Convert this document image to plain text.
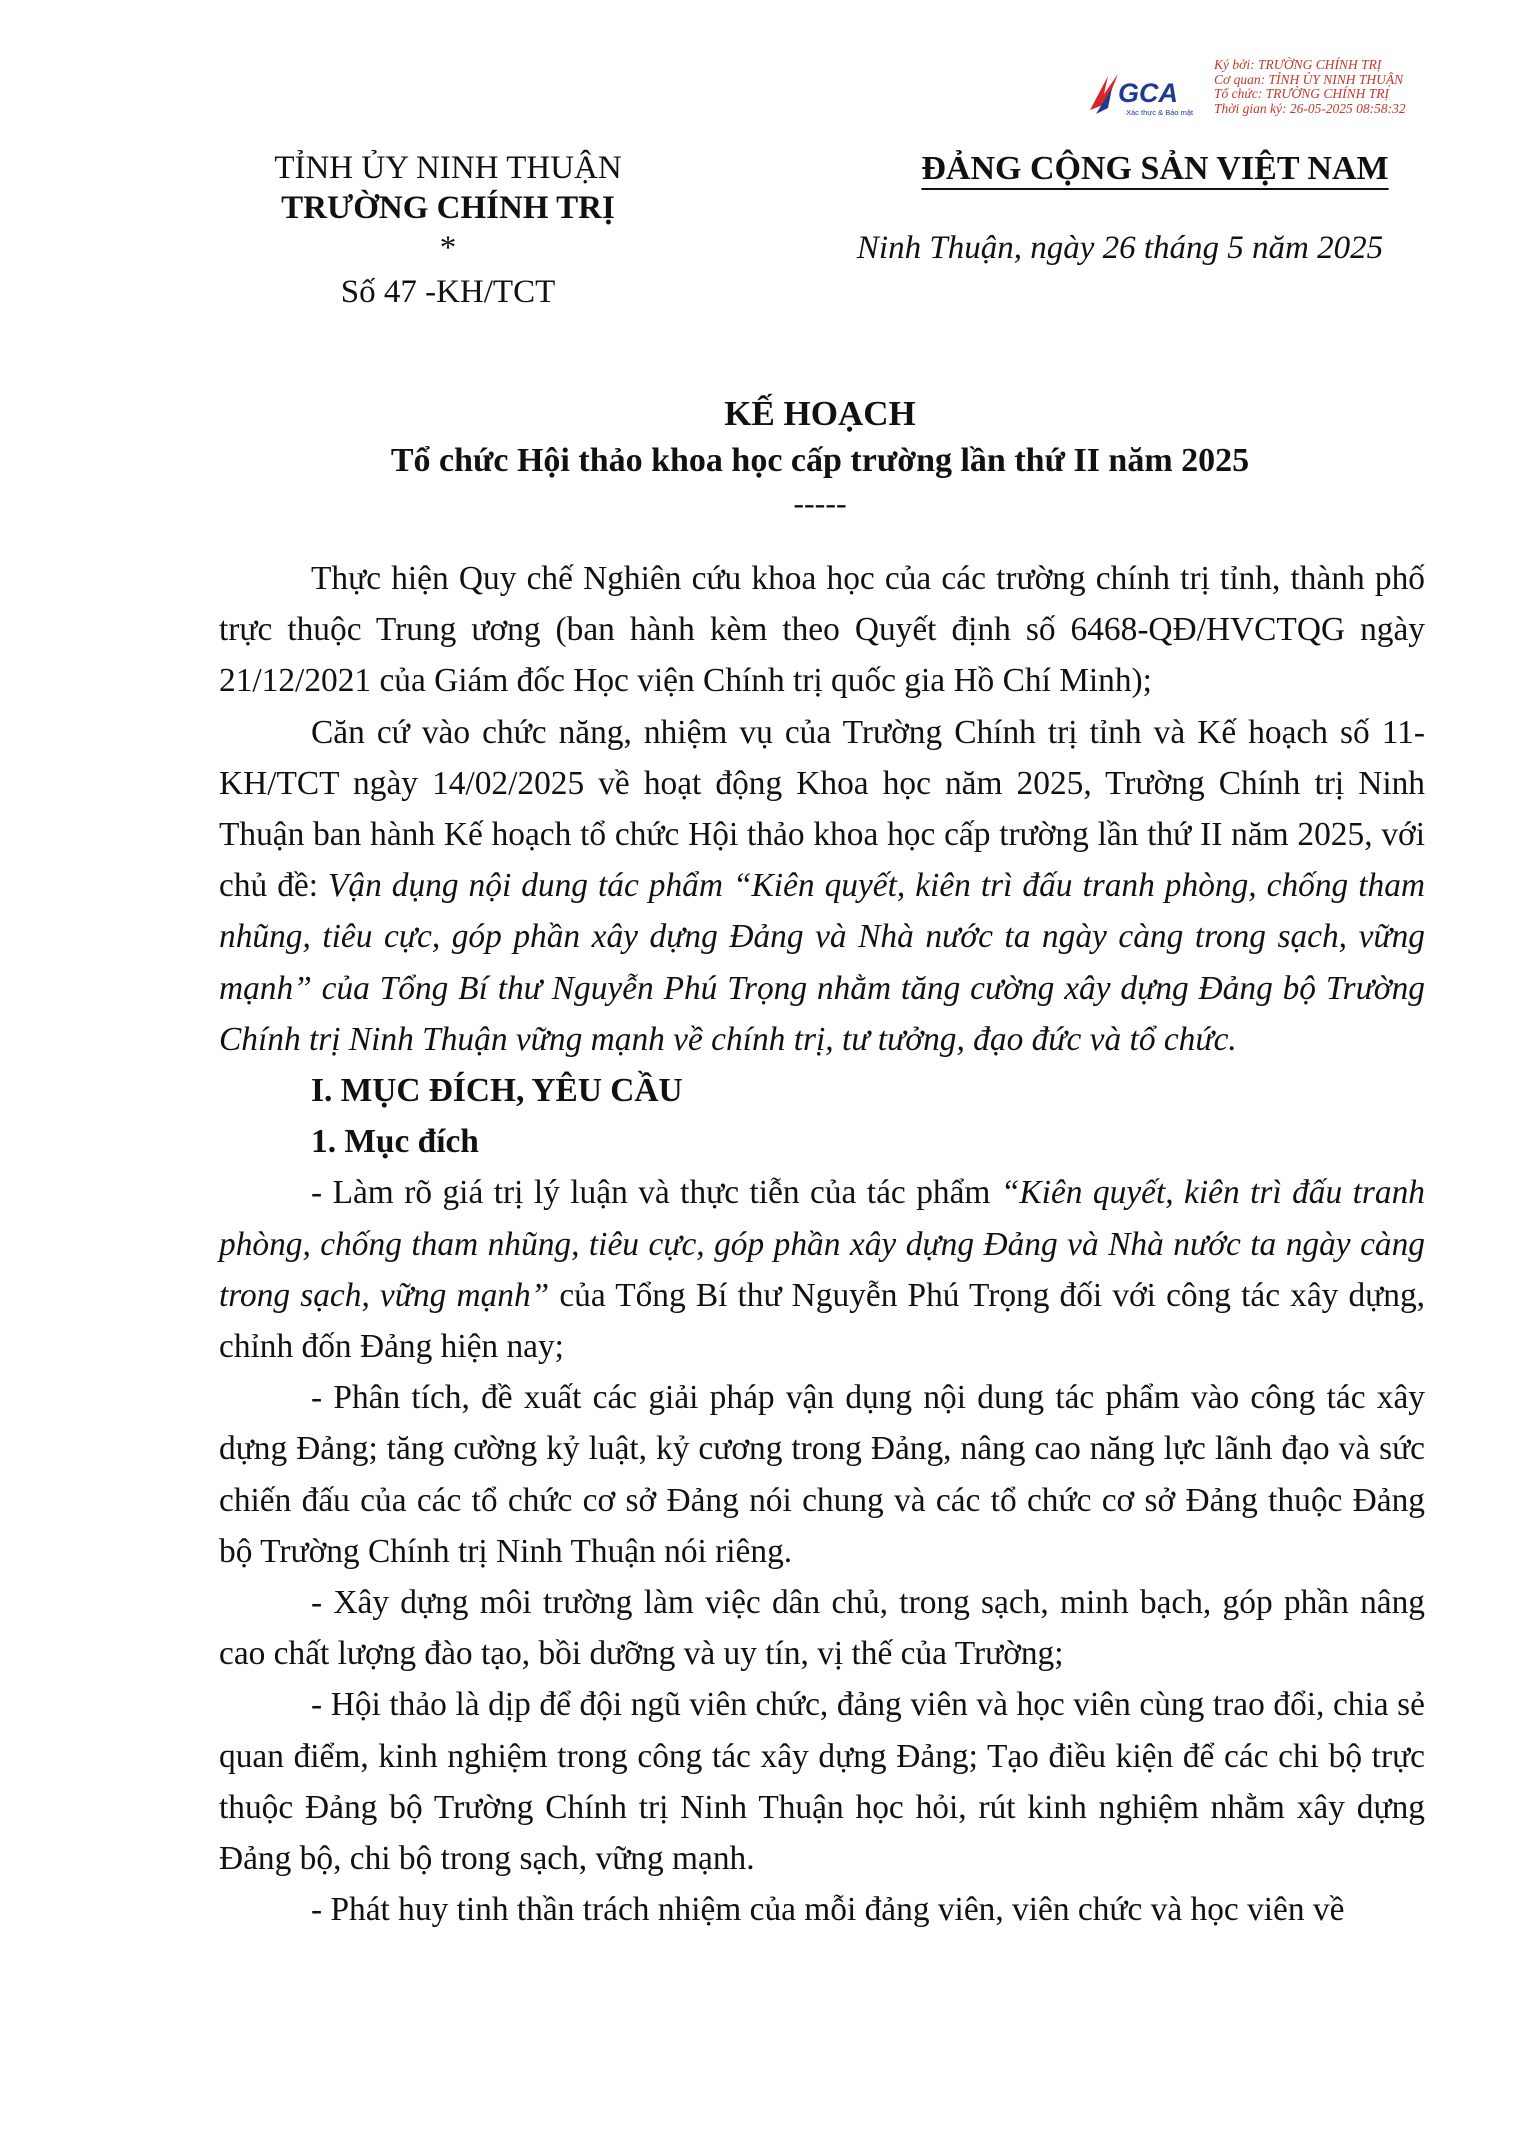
GCA
Xác thực & Bảo mật
Ký bởi: TRƯỜNG CHÍNH TRỊ
Cơ quan: TỈNH ỦY NINH THUẬN
Tổ chức: TRƯỜNG CHÍNH TRỊ
Thời gian ký: 26-05-2025 08:58:32
TỈNH ỦY NINH THUẬN
TRƯỜNG CHÍNH TRỊ
*
Số 47 -KH/TCT
ĐẢNG CỘNG SẢN VIỆT NAM
Ninh Thuận, ngày 26 tháng 5 năm 2025
KẾ HOẠCH
Tổ chức Hội thảo khoa học cấp trường lần thứ II năm 2025
-----

Thực hiện Quy chế Nghiên cứu khoa học của các trường chính trị tỉnh, thành phố trực thuộc Trung ương (ban hành kèm theo Quyết định số 6468-QĐ/HVCTQG ngày 21/12/2021 của Giám đốc Học viện Chính trị quốc gia Hồ Chí Minh);

Căn cứ vào chức năng, nhiệm vụ của Trường Chính trị tỉnh và Kế hoạch số 11-KH/TCT ngày 14/02/2025 về hoạt động Khoa học năm 2025, Trường Chính trị Ninh Thuận ban hành Kế hoạch tổ chức Hội thảo khoa học cấp trường lần thứ II năm 2025, với chủ đề: Vận dụng nội dung tác phẩm “Kiên quyết, kiên trì đấu tranh phòng, chống tham nhũng, tiêu cực, góp phần xây dựng Đảng và Nhà nước ta ngày càng trong sạch, vững mạnh” của Tổng Bí thư Nguyễn Phú Trọng nhằm tăng cường xây dựng Đảng bộ Trường Chính trị Ninh Thuận vững mạnh về chính trị, tư tưởng, đạo đức và tổ chức.

I. MỤC ĐÍCH, YÊU CẦU

1. Mục đích

- Làm rõ giá trị lý luận và thực tiễn của tác phẩm “Kiên quyết, kiên trì đấu tranh phòng, chống tham nhũng, tiêu cực, góp phần xây dựng Đảng và Nhà nước ta ngày càng trong sạch, vững mạnh” của Tổng Bí thư Nguyễn Phú Trọng đối với công tác xây dựng, chỉnh đốn Đảng hiện nay;

- Phân tích, đề xuất các giải pháp vận dụng nội dung tác phẩm vào công tác xây dựng Đảng; tăng cường kỷ luật, kỷ cương trong Đảng, nâng cao năng lực lãnh đạo và sức chiến đấu của các tổ chức cơ sở Đảng nói chung và các tổ chức cơ sở Đảng thuộc Đảng bộ Trường Chính trị Ninh Thuận nói riêng.

- Xây dựng môi trường làm việc dân chủ, trong sạch, minh bạch, góp phần nâng cao chất lượng đào tạo, bồi dưỡng và uy tín, vị thế của Trường;

- Hội thảo là dịp để đội ngũ viên chức, đảng viên và học viên cùng trao đổi, chia sẻ quan điểm, kinh nghiệm trong công tác xây dựng Đảng; Tạo điều kiện để các chi bộ trực thuộc Đảng bộ Trường Chính trị Ninh Thuận học hỏi, rút kinh nghiệm nhằm xây dựng Đảng bộ, chi bộ trong sạch, vững mạnh.

- Phát huy tinh thần trách nhiệm của mỗi đảng viên, viên chức và học viên về
